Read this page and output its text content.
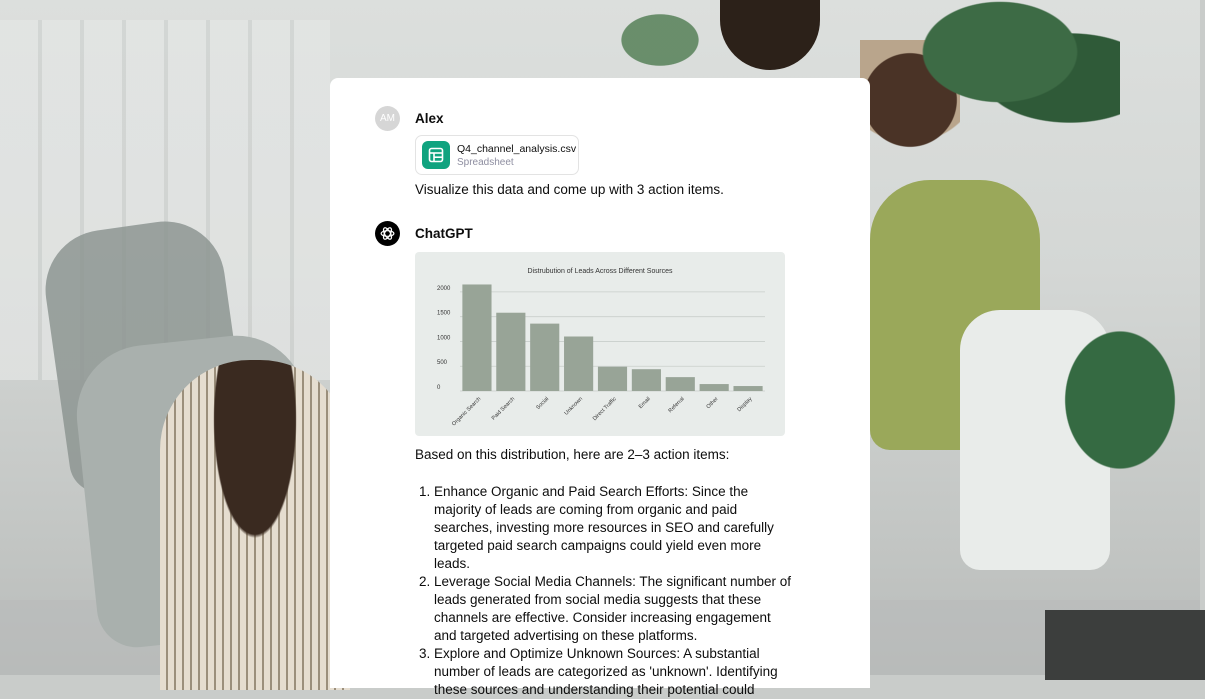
AM Alex
Q4_channel_analysis.csv
Spreadsheet
Visualize this data and come up with 3 action items.
ChatGPT
Distrubution of Leads Across Different Sources
0
500
1000
1500
2000
Organic Search Paid Search	Social Unknown Direct Traffic	Email	Referral	Other	Display
Based on this distribution, here are 2–3 action items:
1. Enhance Organic and Paid Search Efforts: Since the majority of leads are coming from organic and paid searches, investing more resources in SEO and carefully targeted paid search campaigns could yield even more leads.
2. Leverage Social Media Channels: The significant number of leads generated from social media suggests that these channels are effective. Consider increasing engagement and targeted advertising on these platforms.
3. Explore and Optimize Unknown Sources: A substantial number of leads are categorized as 'unknown'. Identifying these sources and understanding their potential could
